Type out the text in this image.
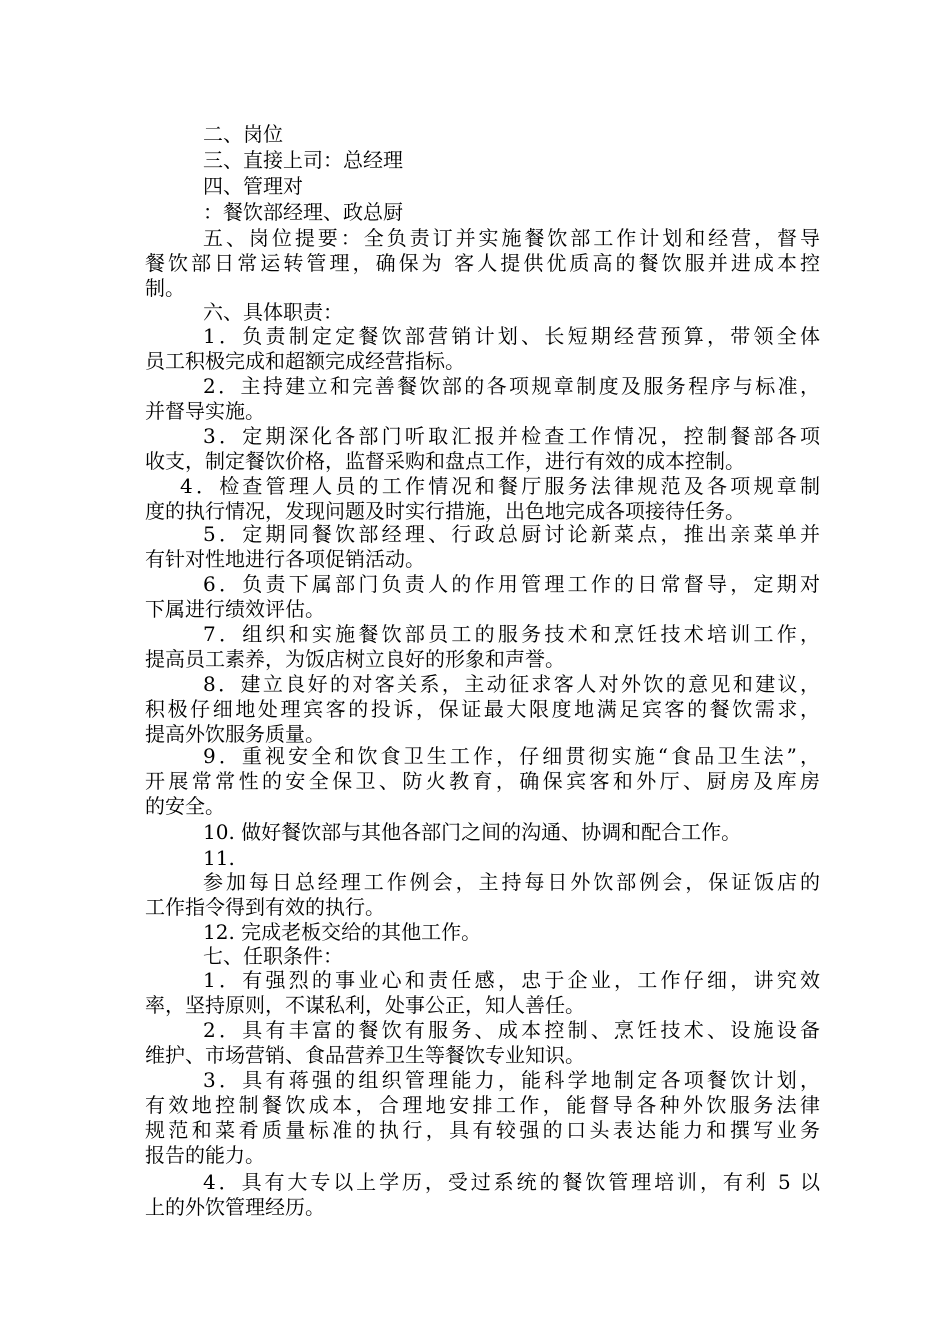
二、岗位
三、直接上司：总经理
四、管理对
：餐饮部经理、政总厨
五、岗位提要：全负责订并实施餐饮部工作计划和经营，督导
餐饮部日常运转管理，确保为 客人提供优质高的餐饮服并进成本控
制。
六、具体职责：
1．负责制定定餐饮部营销计划、长短期经营预算，带领全体
员工积极完成和超额完成经营指标。
2．主持建立和完善餐饮部的各项规章制度及服务程序与标准，
并督导实施。
3．定期深化各部门听取汇报并检查工作情况，控制餐部各项
收支，制定餐饮价格，监督采购和盘点工作，进行有效的成本控制。
4．检查管理人员的工作情况和餐厅服务法律规范及各项规章制
度的执行情况，发现问题及时实行措施，出色地完成各项接待任务。
5．定期同餐饮部经理、行政总厨讨论新菜点，推出亲菜单并
有针对性地进行各项促销活动。
6．负责下属部门负责人的作用管理工作的日常督导，定期对
下属进行绩效评估。
7．组织和实施餐饮部员工的服务技术和烹饪技术培训工作，
提高员工素养，为饭店树立良好的形象和声誉。
8．建立良好的对客关系，主动征求客人对外饮的意见和建议，
积极仔细地处理宾客的投诉，保证最大限度地满足宾客的餐饮需求，
提高外饮服务质量。
9．重视安全和饮食卫生工作，仔细贯彻实施“食品卫生法”，
开展常常性的安全保卫、防火教育，确保宾客和外厅、厨房及库房
的安全。
10. 做好餐饮部与其他各部门之间的沟通、协调和配合工作。
11.
参加每日总经理工作例会，主持每日外饮部例会，保证饭店的
工作指令得到有效的执行。
12. 完成老板交给的其他工作。
七、任职条件：
1．有强烈的事业心和责任感，忠于企业，工作仔细，讲究效
率，坚持原则，不谋私利，处事公正，知人善任。
2．具有丰富的餐饮有服务、成本控制、烹饪技术、设施设备
维护、市场营销、食品营养卫生等餐饮专业知识。
3．具有蒋强的组织管理能力，能科学地制定各项餐饮计划，
有效地控制餐饮成本，合理地安排工作，能督导各种外饮服务法律
规范和菜肴质量标准的执行，具有较强的口头表达能力和撰写业务
报告的能力。
4．具有大专以上学历，受过系统的餐饮管理培训，有利 5 以
上的外饮管理经历。
